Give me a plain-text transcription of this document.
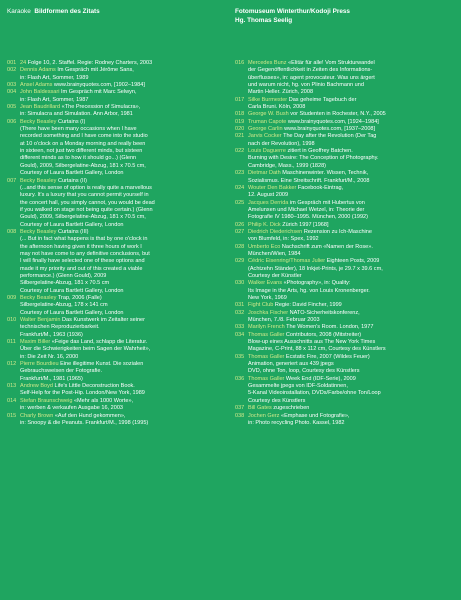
Karaoke Bildformen des Zitats	Fotomuseum Winterthur/Kodoji Press
Hg. Thomas Seelig
001 24 Folge 10, 2. Staffel. Regie: Rodney Charters, 2003
002 Dennis Adams Im Gespräch mit Jérôme Sans,
in: Flash Art, Sommer, 1989
003 Ansel Adams www.brainyquotes.com, [1902–1984]
004 John Baldessari Im Gespräch mit Marc Selwyn,
in: Flash Art, Sommer, 1987
005 Jean Baudrillard «The Precession of Simulacra»,
in: Simulacra and Simulation. Ann Arbor, 1981
006 Becky Beasley Curtains (I)
(There have been many occasions when I have
recorded something and I have come into the studio
at 10 o'clock on a Monday morning and really been
in sixteen, not just two different minds, but sixteen
different minds as to how it should go...) (Glenn
Gould), 2009, Silbergelatine-Abzug, 181 x 70.5 cm,
Courtesy of Laura Bartlett Gallery, London
007 Becky Beasley Curtains (II)
(...and this sense of option is really quite a marvellous
luxury. It's a luxury that you cannot permit yourself in
the concert hall, you simply cannot, you would be dead
if you walked on stage not being quite certain.) (Glenn
Gould), 2009, Silbergelatine-Abzug, 181 x 70.5 cm,
Courtesy of Laura Bartlett Gallery, London
008 Becky Beasley Curtains (III)
(... But in fact what happens is that by one o'clock in
the afternoon having given it three hours of work I
may not have come to any definitive conclusions, but
I will finally have selected one of these options and
made it my priority and out of this created a viable
performance.) (Glenn Gould), 2009
Silbergelatine-Abzug, 181 x 70.5 cm
Courtesy of Laura Bartlett Gallery, London
009 Becky Beasley Trap, 2006 (Falle)
Silbergelatine-Abzug, 178 x 141 cm
Courtesy of Laura Bartlett Gallery, London
010 Walter Benjamin Das Kunstwerk im Zeitalter seiner
technischen Reproduzierbarkeit.
Frankfurt/M., 1963 (1936)
011 Maxim Biller «Feige das Land, schlapp die Literatur.
Über die Schwierigkeiten beim Sagen der Wahrheit»,
in: Die Zeit Nr. 16, 2000
012 Pierre Bourdieu Eine illegitime Kunst. Die sozialen
Gebrauchsweisen der Fotografie.
Frankfurt/M., 1981 (1965)
013 Andrew Boyd Life's Little Deconstruction Book.
Self-Help for the Post-Hip. London/New York, 1989
014 Stefan Braunschweig «Mehr als 1000 Worte»,
in: werben & verkaufen Ausgabe 16, 2003
015 Charly Brown «Auf den Hund gekommen»,
in: Snoopy & die Peanuts. Frankfurt/M., 1998 (1995)
016 Mercedes Bunz «Elitär für alle! Vom Strukturwandel
der Gegenöffentlichkeit in Zeiten des Informations-
überflusses», in: agent provocateur. Was uns ärgert
und warum nicht, hg. von Plinio Bachmann und
Martin Heller. Zürich, 2008
017 Silke Burmester Das geheime Tagebuch der
Carla Bruni. Köln, 2008
018 George W. Bush vor Studenten in Rochester, N.Y., 2005
019 Truman Capote www.brainyquotes.com, [1924–1984]
020 George Carlin www.brainyquotes.com, [1937–2008]
021 Jarvis Cocker The Day after the Revolution (Der Tag
nach der Revolution), 1998
022 Louis Daguerre zitiert in Geoffrey Batchen.
Burning with Desire: The Conception of Photography.
Cambridge, Mass., 1999 (1828)
023 Dietmar Dath Maschinenwinter. Wissen, Technik,
Sozialismus. Eine Streitschrift. Frankfurt/M., 2008
024 Wouter Den Bakker Facebook-Eintrag,
12. August 2009
025 Jacques Derrida im Gespräch mit Hubertus von
Amelunxen und Michael Wetzel, in: Theorie der
Fotografie IV 1980–1995. München, 2000 (1992)
026 Philip K. Dick Zürich 1997 [1968]
027 Diedrich Diederichsen Rezension zu Ich-Maschine
von Blumfeld, in: Spex, 1992
028 Umberto Eco Nachschrift zum «Namen der Rose».
München/Wien, 1984
029 Cédric Eisenring/Thomas Julier Eighteen Posts, 2009
(Achtzehn Ständer), 18 Inkjet-Prints, je 29.7 x 39.6 cm,
Courtesy der Künstler
030 Walker Evans «Photography», in: Quality:
Its Image in the Arts, hg. von Louis Kronenberger.
New York, 1969
031 Fight Club Regie: David Fincher, 1999
032 Joschka Fischer NATO-Sicherheitskonferenz,
München, 7./8. Februar 2003
033 Marilyn French The Women's Room. London, 1977
034 Thomas Galler Contributors, 2008 (Mitstreiter)
Blow-up eines Ausschnitts aus The New York Times
Magazine, C-Print, 88 x 112 cm, Courtesy des Künstlers
035 Thomas Galler Ecstatic Fire, 2007 (Wildes Feuer)
Animation, generiert aus 439 jpegs
DVD, ohne Ton, loop, Courtesy des Künstlers
036 Thomas Galler Week End (IDF-Serie), 2009
Gesammelte jpegs von IDF-Soldatinnen,
5-Kanal Videoinstallation, DVDs/Farbe/ohne Ton/Loop
Courtesy des Künstlers
037 Bill Gates zugeschrieben
038 Jochen Gerz «Emphase und Fotografie»,
in: Photo recycling Photo. Kassel, 1982
